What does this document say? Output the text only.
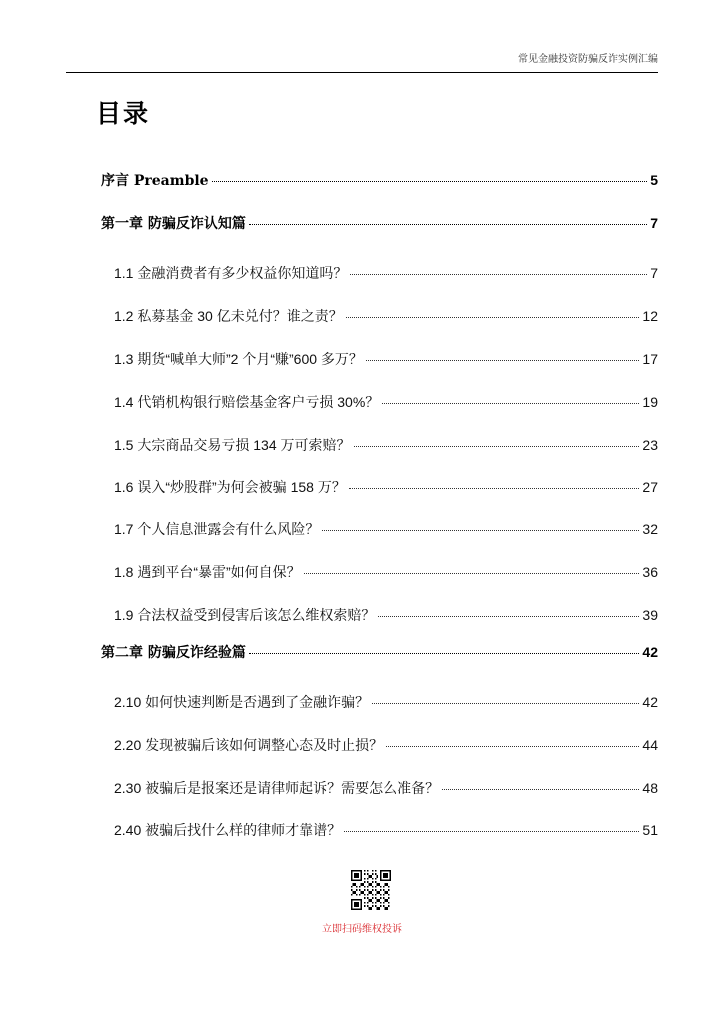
常见金融投资防骗反诈实例汇编
目录
序言 Preamble	5
第一章 防骗反诈认知篇	7
1.1 金融消费者有多少权益你知道吗？	7
1.2 私募基金 30 亿未兑付？谁之责？	12
1.3 期货“喊单大师”2 个月“赚”600 多万？	17
1.4 代销机构银行赔偿基金客户亏损 30%？	19
1.5 大宗商品交易亏损 134 万可索赔？	23
1.6 误入“炒股群”为何会被骗 158 万？	27
1.7 个人信息泄露会有什么风险？	32
1.8 遇到平台“暴雷”如何自保？	36
1.9 合法权益受到侵害后该怎么维权索赔？	39
第二章 防骗反诈经验篇	42
2.10 如何快速判断是否遇到了金融诈骗？	42
2.20 发现被骗后该如何调整心态及时止损？	44
2.30 被骗后是报案还是请律师起诉？需要怎么准备？	48
2.40 被骗后找什么样的律师才靠谱？	51
立即扫码维权投诉
